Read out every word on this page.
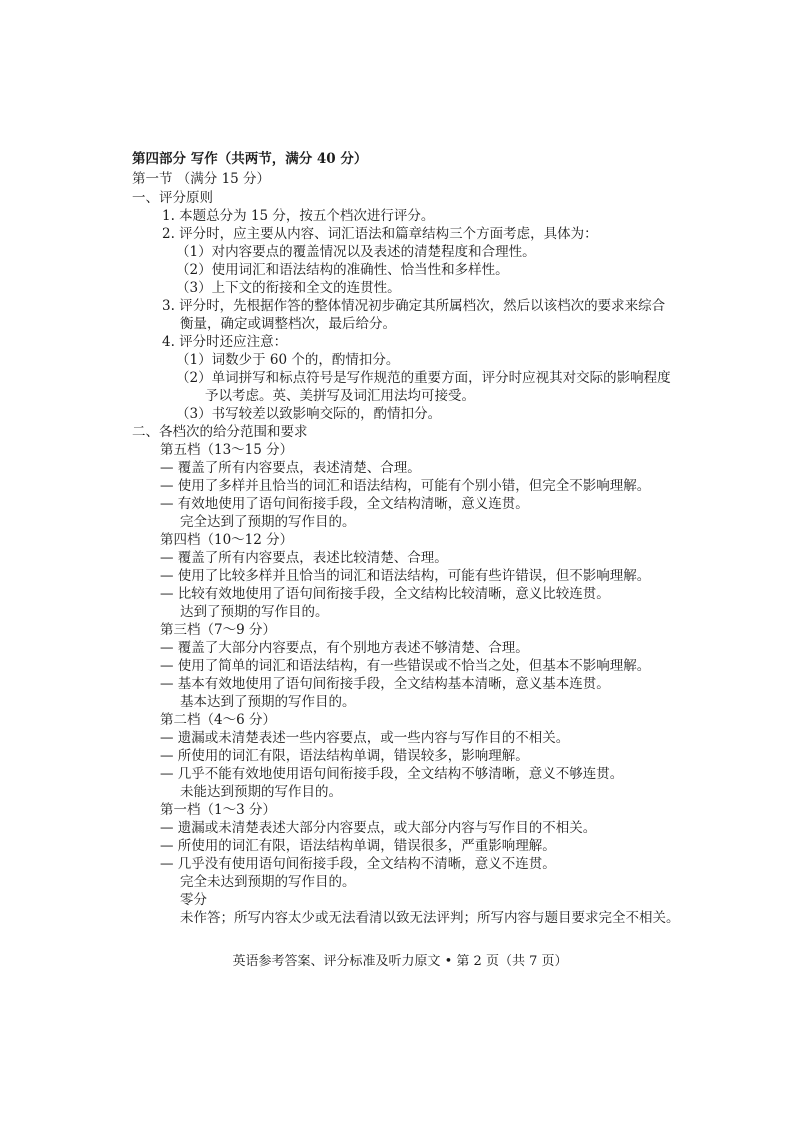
第四部分 写作（共两节，满分 40 分）
第一节 （满分 15 分）
一、评分原则
1. 本题总分为 15 分，按五个档次进行评分。
2. 评分时，应主要从内容、词汇语法和篇章结构三个方面考虑，具体为：
（1）对内容要点的覆盖情况以及表述的清楚程度和合理性。
（2）使用词汇和语法结构的准确性、恰当性和多样性。
（3）上下文的衔接和全文的连贯性。
3. 评分时，先根据作答的整体情况初步确定其所属档次，然后以该档次的要求来综合
衡量，确定或调整档次，最后给分。
4. 评分时还应注意：
（1）词数少于 60 个的，酌情扣分。
（2）单词拼写和标点符号是写作规范的重要方面，评分时应视其对交际的影响程度
予以考虑。英、美拼写及词汇用法均可接受。
（3）书写较差以致影响交际的，酌情扣分。
二、各档次的给分范围和要求
第五档（13～15 分）
— 覆盖了所有内容要点，表述清楚、合理。
— 使用了多样并且恰当的词汇和语法结构，可能有个别小错，但完全不影响理解。
— 有效地使用了语句间衔接手段，全文结构清晰，意义连贯。
完全达到了预期的写作目的。
第四档（10～12 分）
— 覆盖了所有内容要点，表述比较清楚、合理。
— 使用了比较多样并且恰当的词汇和语法结构，可能有些许错误，但不影响理解。
— 比较有效地使用了语句间衔接手段，全文结构比较清晰，意义比较连贯。
达到了预期的写作目的。
第三档（7～9 分）
— 覆盖了大部分内容要点，有个别地方表述不够清楚、合理。
— 使用了简单的词汇和语法结构，有一些错误或不恰当之处，但基本不影响理解。
— 基本有效地使用了语句间衔接手段，全文结构基本清晰，意义基本连贯。
基本达到了预期的写作目的。
第二档（4～6 分）
— 遗漏或未清楚表述一些内容要点，或一些内容与写作目的不相关。
— 所使用的词汇有限，语法结构单调，错误较多，影响理解。
— 几乎不能有效地使用语句间衔接手段，全文结构不够清晰，意义不够连贯。
未能达到预期的写作目的。
第一档（1～3 分）
— 遗漏或未清楚表述大部分内容要点，或大部分内容与写作目的不相关。
— 所使用的词汇有限，语法结构单调，错误很多，严重影响理解。
— 几乎没有使用语句间衔接手段，全文结构不清晰，意义不连贯。
完全未达到预期的写作目的。
零分
未作答；所写内容太少或无法看清以致无法评判；所写内容与题目要求完全不相关。
英语参考答案、评分标准及听力原文 • 第 2 页（共 7 页）
